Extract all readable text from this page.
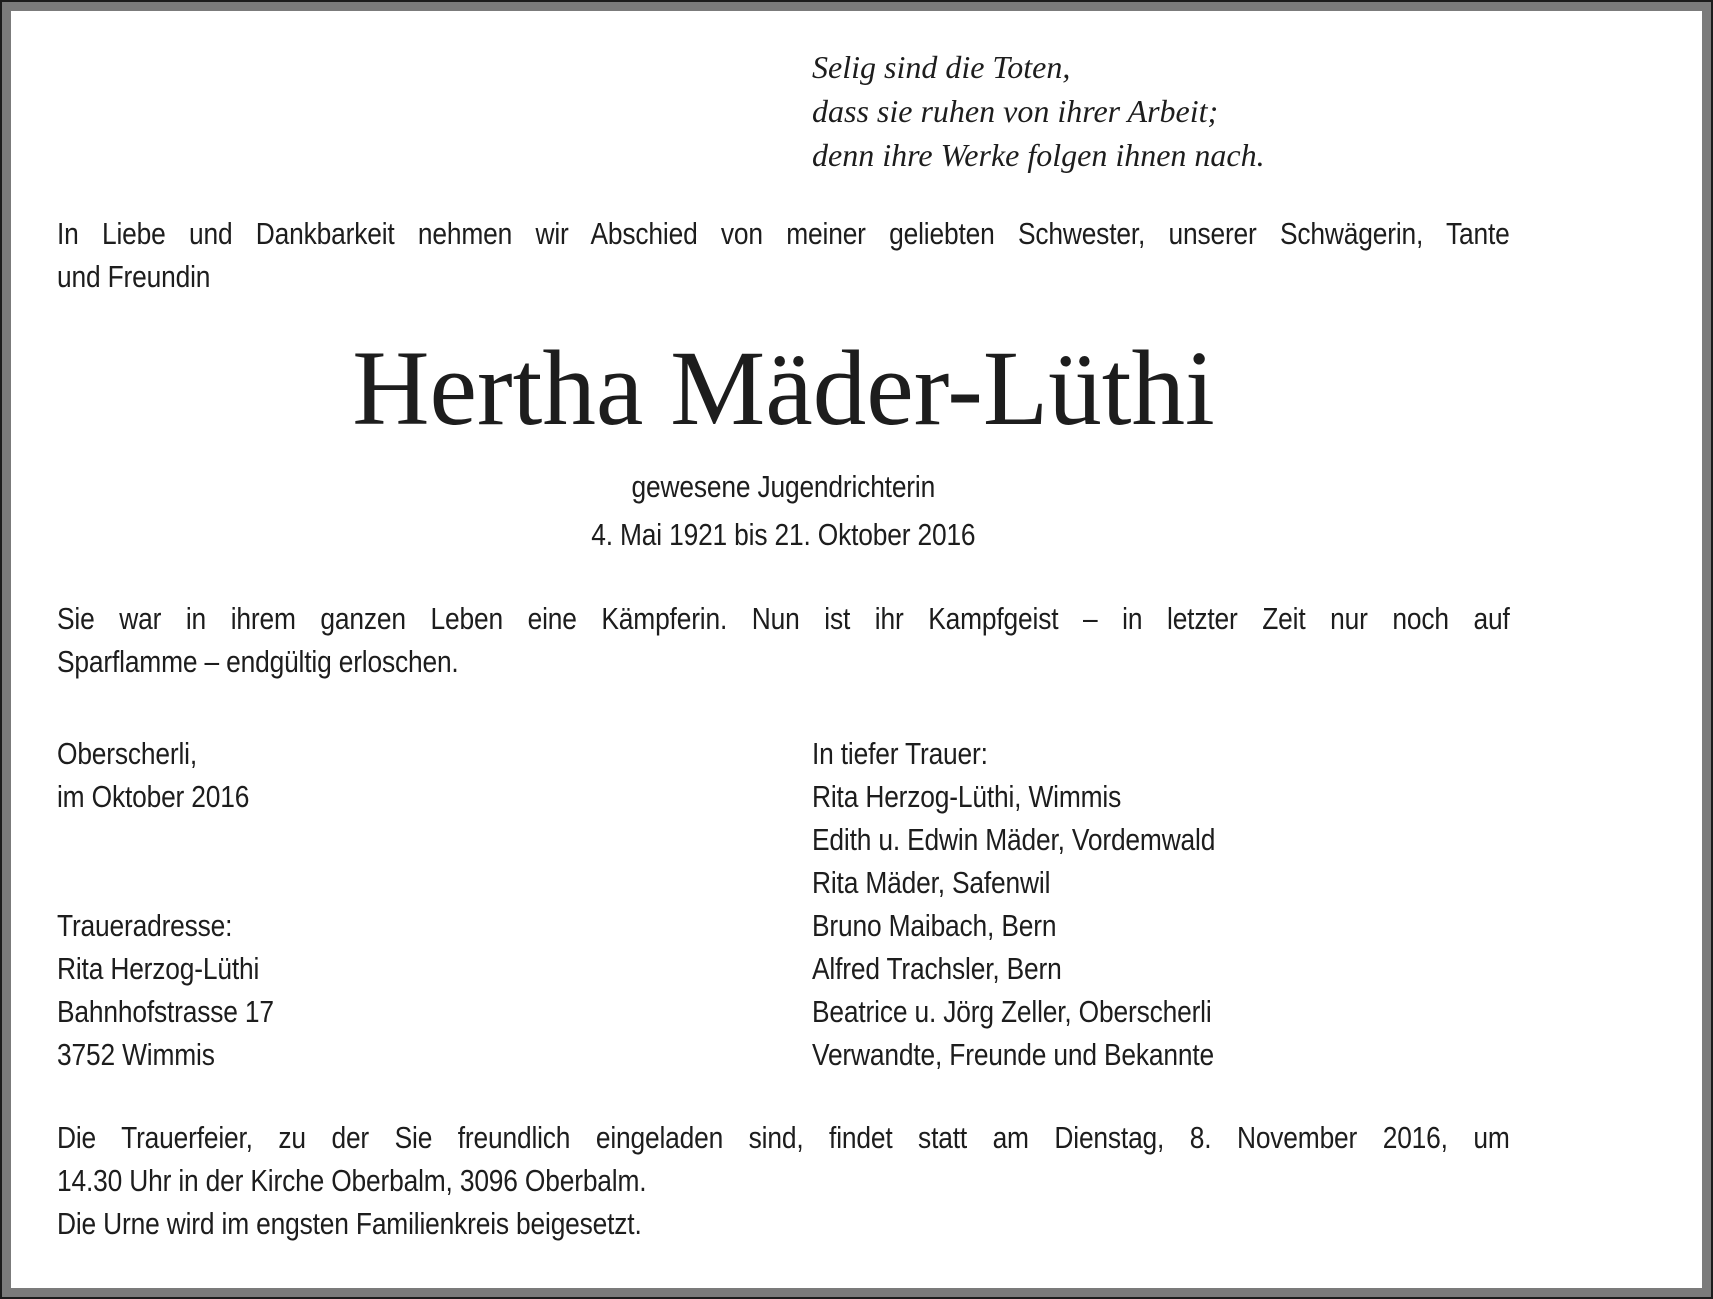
Selig sind die Toten,
dass sie ruhen von ihrer Arbeit;
denn ihre Werke folgen ihnen nach.
In Liebe und Dankbarkeit nehmen wir Abschied von meiner geliebten Schwester, unserer Schwägerin, Tante
und Freundin
Hertha Mäder-Lüthi
gewesene Jugendrichterin
4. Mai 1921 bis 21. Oktober 2016
Sie war in ihrem ganzen Leben eine Kämpferin. Nun ist ihr Kampfgeist – in letzter Zeit nur noch auf
Sparflamme – endgültig erloschen.
Oberscherli,
im Oktober 2016
Traueradresse:
Rita Herzog-Lüthi
Bahnhofstrasse 17
3752 Wimmis
In tiefer Trauer:
Rita Herzog-Lüthi, Wimmis
Edith u. Edwin Mäder, Vordemwald
Rita Mäder, Safenwil
Bruno Maibach, Bern
Alfred Trachsler, Bern
Beatrice u. Jörg Zeller, Oberscherli
Verwandte, Freunde und Bekannte
Die Trauerfeier, zu der Sie freundlich eingeladen sind, findet statt am Dienstag, 8. November 2016, um
14.30 Uhr in der Kirche Oberbalm, 3096 Oberbalm.
Die Urne wird im engsten Familienkreis beigesetzt.
